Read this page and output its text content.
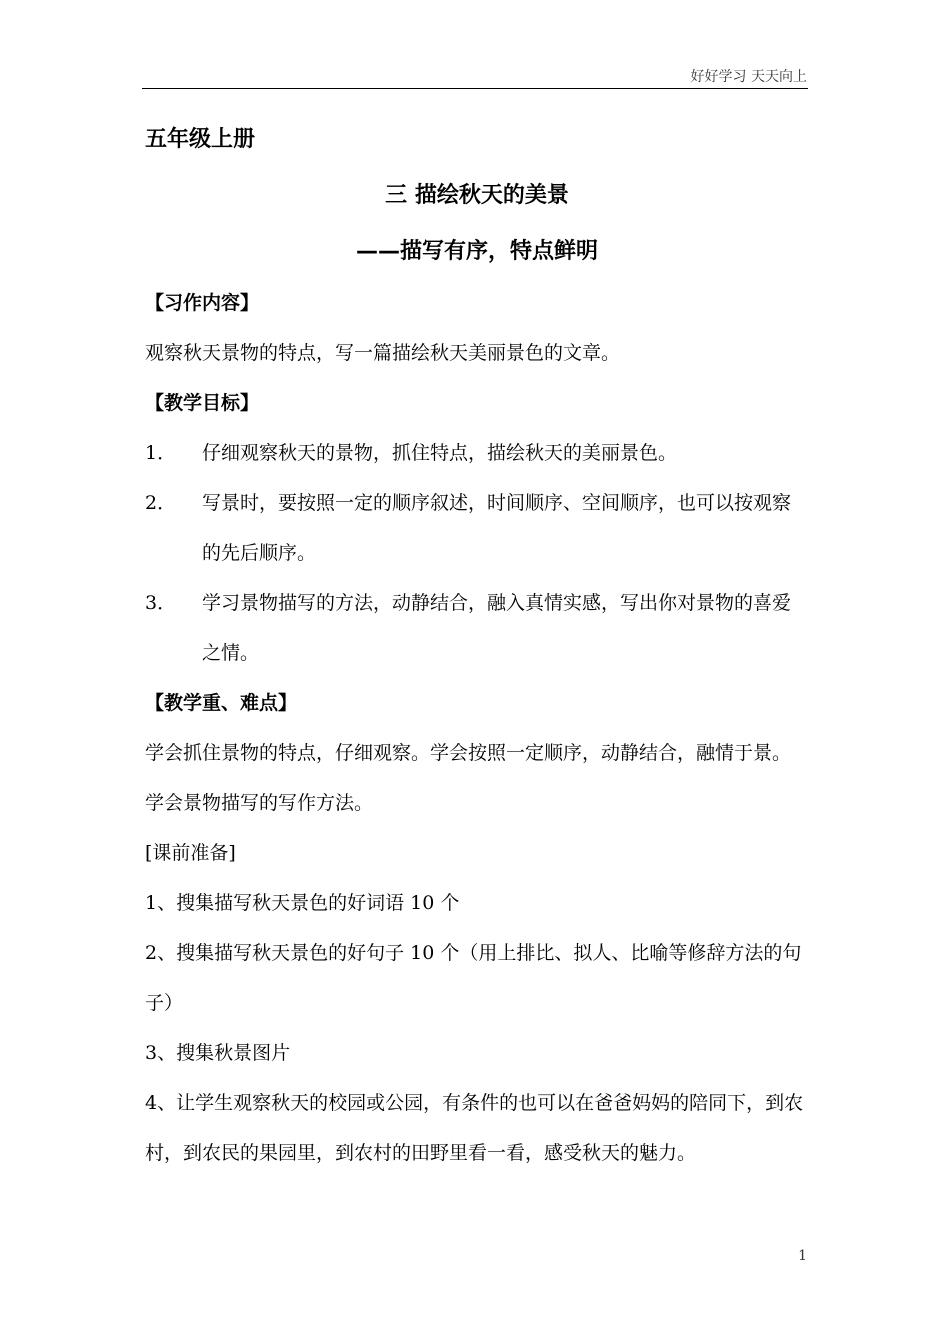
好好学习 天天向上

五年级上册

三 描绘秋天的美景

——描写有序，特点鲜明

【习作内容】

观察秋天景物的特点，写一篇描绘秋天美丽景色的文章。

【教学目标】

1．	仔细观察秋天的景物，抓住特点，描绘秋天的美丽景色。
2．	写景时，要按照一定的顺序叙述，时间顺序、空间顺序，也可以按观察的先后顺序。
3．	学习景物描写的方法，动静结合，融入真情实感，写出你对景物的喜爱之情。

【教学重、难点】

学会抓住景物的特点，仔细观察。学会按照一定顺序，动静结合，融情于景。学会景物描写的写作方法。

[课前准备]

1、搜集描写秋天景色的好词语 10 个

2、搜集描写秋天景色的好句子 10 个（用上排比、拟人、比喻等修辞方法的句子）

3、搜集秋景图片

4、让学生观察秋天的校园或公园，有条件的也可以在爸爸妈妈的陪同下，到农村，到农民的果园里，到农村的田野里看一看，感受秋天的魅力。

1
